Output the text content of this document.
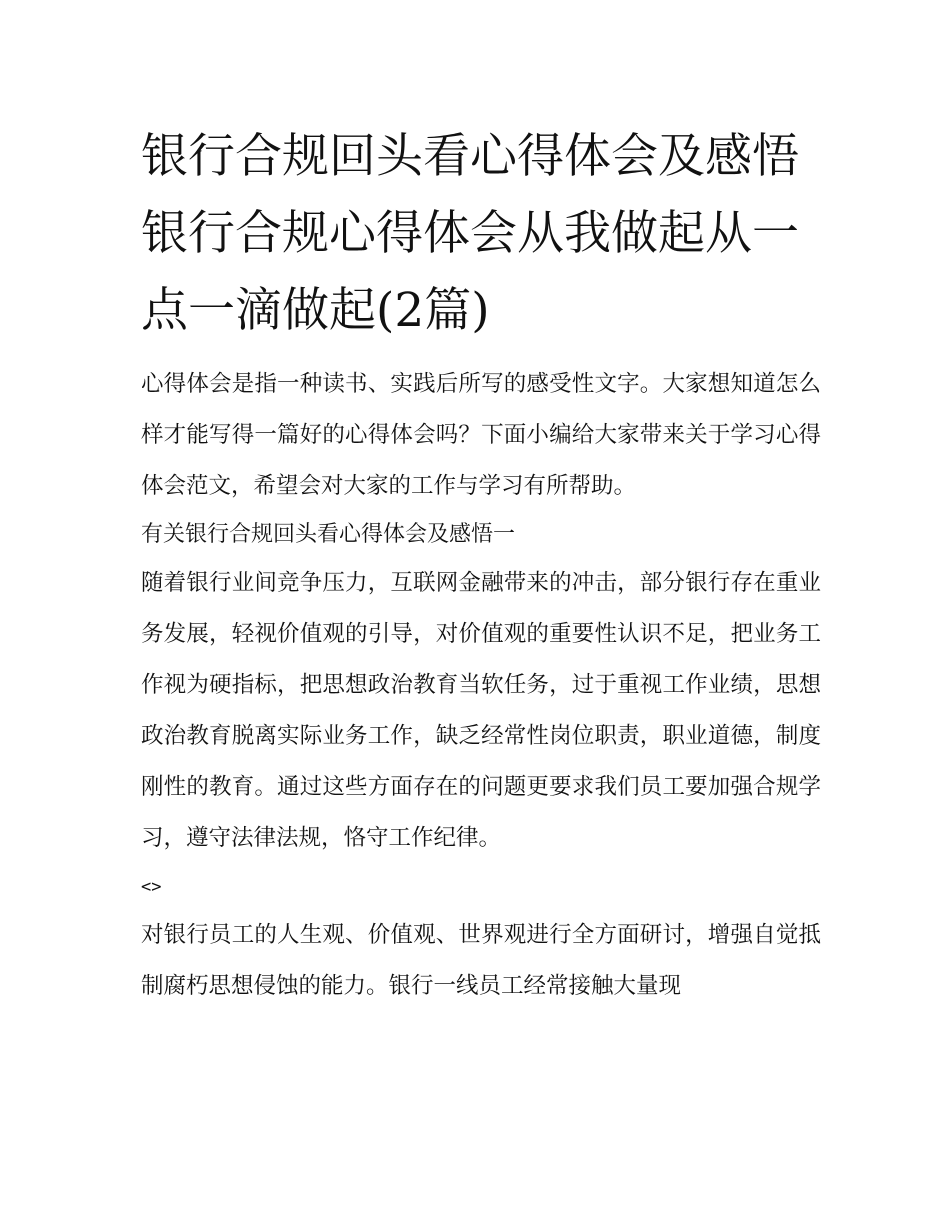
银行合规回头看心得体会及感悟 银行合规心得体会从我做起从一点一滴做起(2篇)

心得体会是指一种读书、实践后所写的感受性文字。大家想知道怎么样才能写得一篇好的心得体会吗？下面小编给大家带来关于学习心得体会范文，希望会对大家的工作与学习有所帮助。

有关银行合规回头看心得体会及感悟一

随着银行业间竞争压力，互联网金融带来的冲击，部分银行存在重业务发展，轻视价值观的引导，对价值观的重要性认识不足，把业务工作视为硬指标，把思想政治教育当软任务，过于重视工作业绩，思想政治教育脱离实际业务工作，缺乏经常性岗位职责，职业道德，制度刚性的教育。通过这些方面存在的问题更要求我们员工要加强合规学习，遵守法律法规，恪守工作纪律。

<>

对银行员工的人生观、价值观、世界观进行全方面研讨，增强自觉抵制腐朽思想侵蚀的能力。银行一线员工经常接触大量现
